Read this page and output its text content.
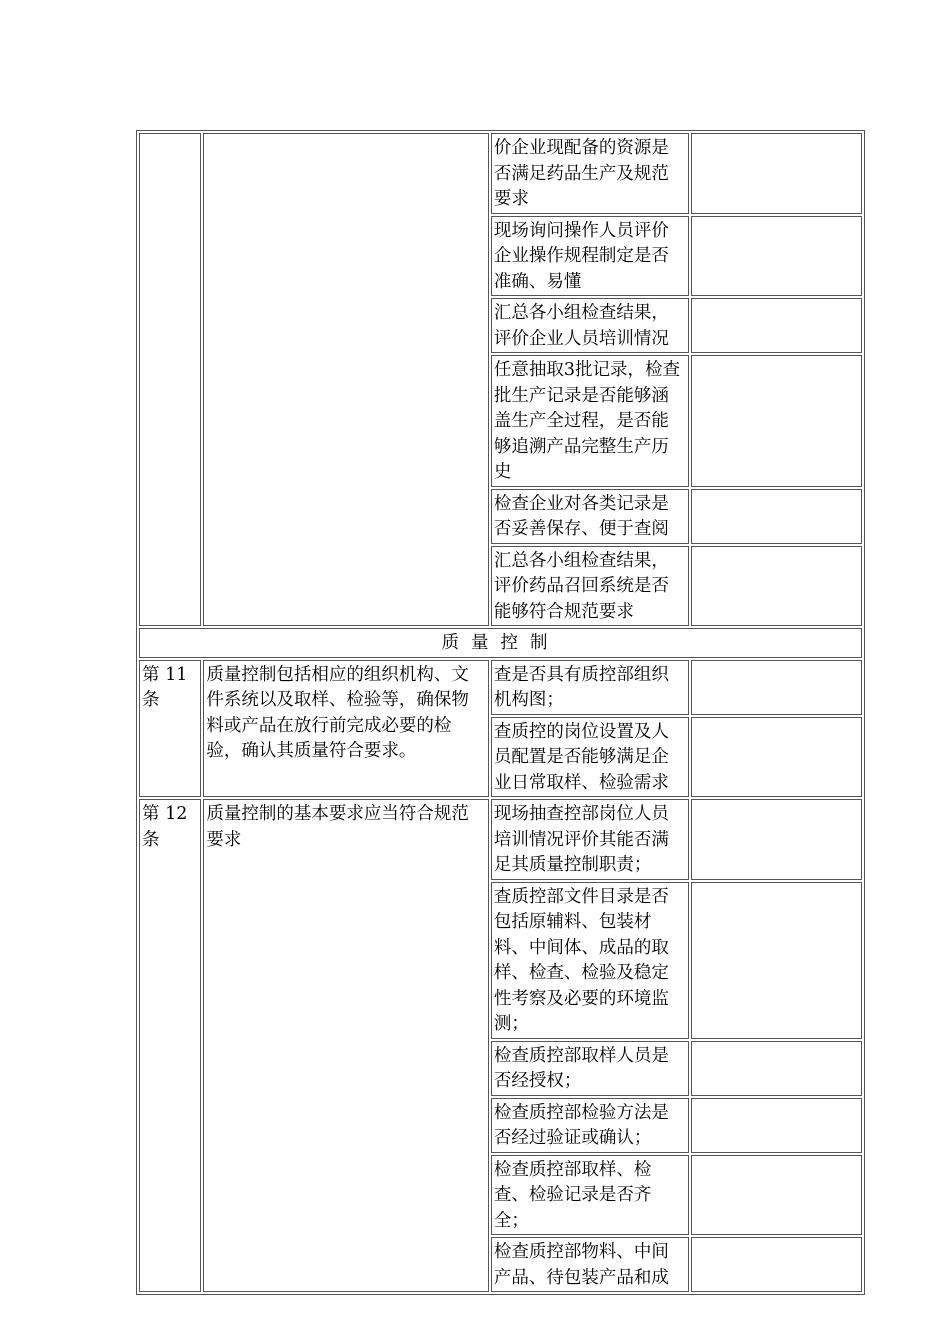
		价企业现配备的资源是否满足药品生产及规范要求	
		现场询问操作人员评价企业操作规程制定是否准确、易懂	
		汇总各小组检查结果，评价企业人员培训情况	
		任意抽取3批记录，检查批生产记录是否能够涵盖生产全过程，是否能够追溯产品完整生产历史	
		检查企业对各类记录是否妥善保存、便于查阅	
		汇总各小组检查结果，评价药品召回系统是否能够符合规范要求	
质量控制			
第 11 条	质量控制包括相应的组织机构、文件系统以及取样、检验等，确保物料或产品在放行前完成必要的检验，确认其质量符合要求。	查是否具有质控部组织机构图；	
		查质控的岗位设置及人员配置是否能够满足企业日常取样、检验需求	
第 12 条	质量控制的基本要求应当符合规范要求	现场抽查控部岗位人员培训情况评价其能否满足其质量控制职责；	
		查质控部文件目录是否包括原辅料、包装材料、中间体、成品的取样、检查、检验及稳定性考察及必要的环境监测；	
		检查质控部取样人员是否经授权；	
		检查质控部检验方法是否经过验证或确认；	
		检查质控部取样、检查、检验记录是否齐全；	
		检查质控部物料、中间产品、待包装产品和成	
